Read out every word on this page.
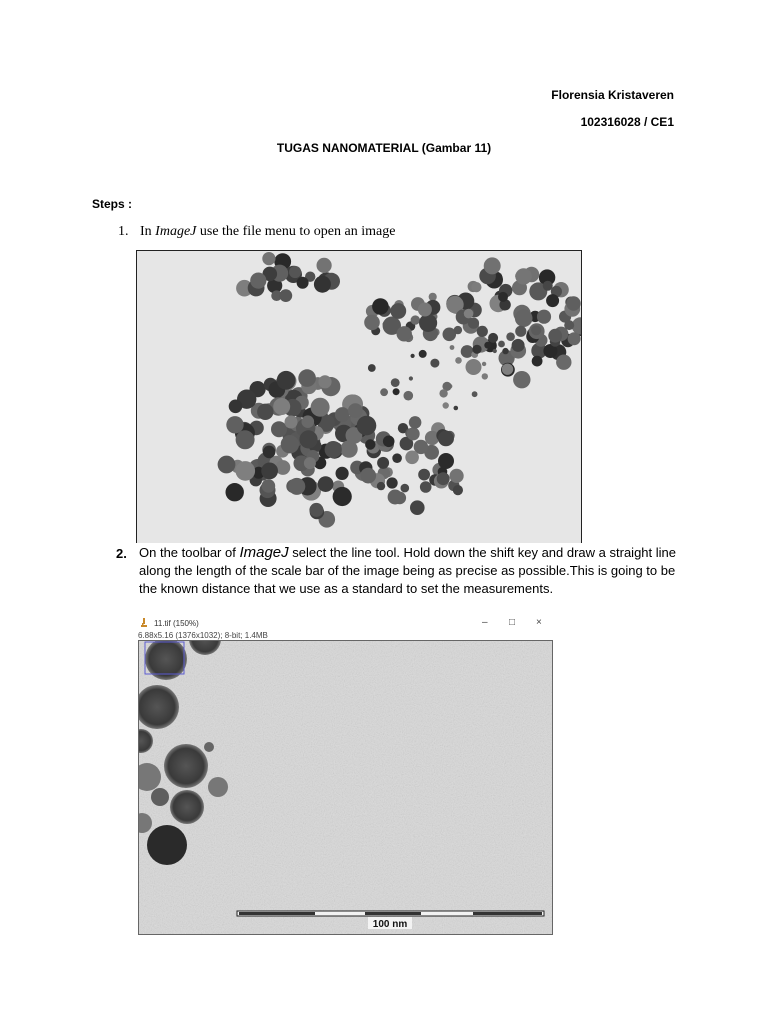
Florensia Kristaveren
102316028 / CE1
TUGAS NANOMATERIAL (Gambar 11)
Steps :
1. In ImageJ use the file menu to open an image
2. On the toolbar of ImageJ select the line tool. Hold down the shift key and draw a straight line along the length of the scale bar of the image being as precise as possible.This is going to be the known distance that we use as a standard to set the measurements.
11.tif (150%)	– □ ×
6.88x5.16 (1376x1032); 8-bit; 1.4MB
100 nm
